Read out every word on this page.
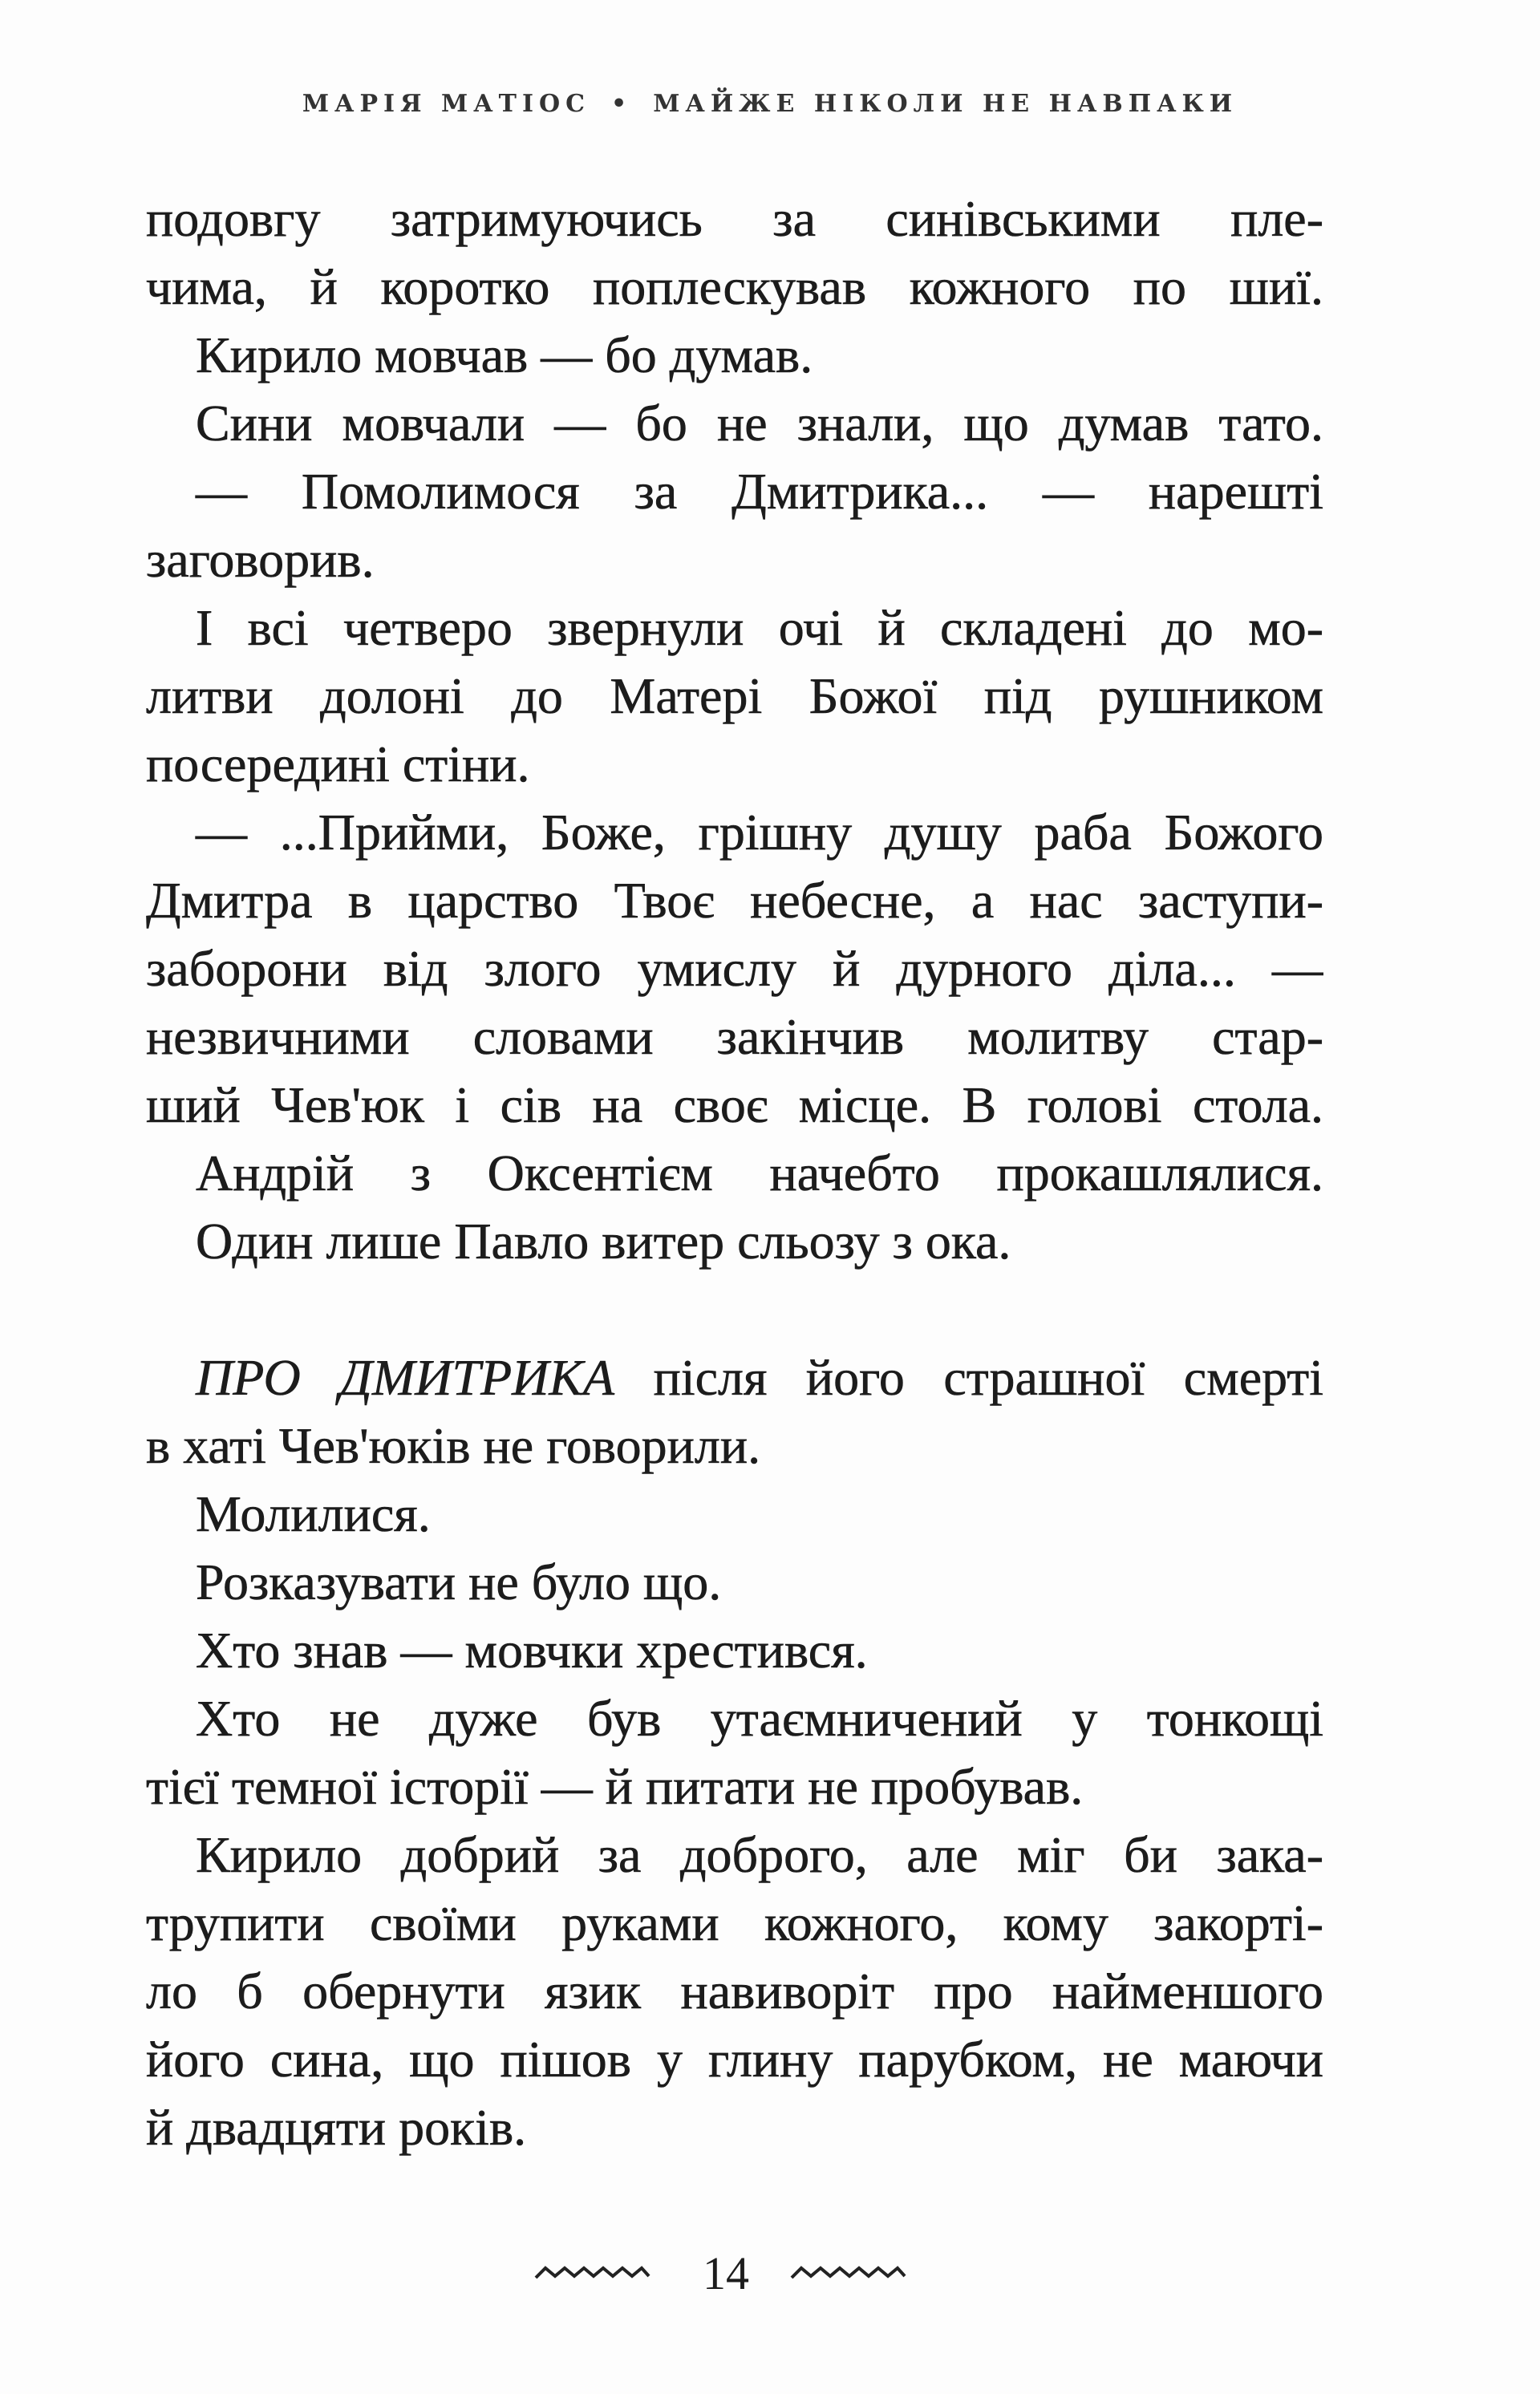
МАРІЯ МАТІОС • МАЙЖЕ НІКОЛИ НЕ НАВПАКИ
подовгу затримуючись за синівськими пле-
чима, й коротко поплескував кожного по шиї.
Кирило мовчав — бо думав.
Сини мовчали — бо не знали, що думав тато.
— Помолимося за Дмитрика... — нарешті
заговорив.
І всі четверо звернули очі й складені до мо-
литви долоні до Матері Божої під рушником
посередині стіни.
— ...Прийми, Боже, грішну душу раба Божого
Дмитра в царство Твоє небесне, а нас заступи-
заборони від злого умислу й дурного діла... —
незвичними словами закінчив молитву стар-
ший Чев'юк і сів на своє місце. В голові стола.
Андрій з Оксентієм начебто прокашлялися.
Один лише Павло витер сльозу з ока.
ПРО ДМИТРИКА після його страшної смерті
в хаті Чев'юків не говорили.
Молилися.
Розказувати не було що.
Хто знав — мовчки хрестився.
Хто не дуже був утаємничений у тонкощі
тієї темної історії — й питати не пробував.
Кирило добрий за доброго, але міг би зака-
трупити своїми руками кожного, кому закортi-
ло б обернути язик навиворіт про найменшого
його сина, що пішов у глину парубком, не маючи
й двадцяти років.
14
